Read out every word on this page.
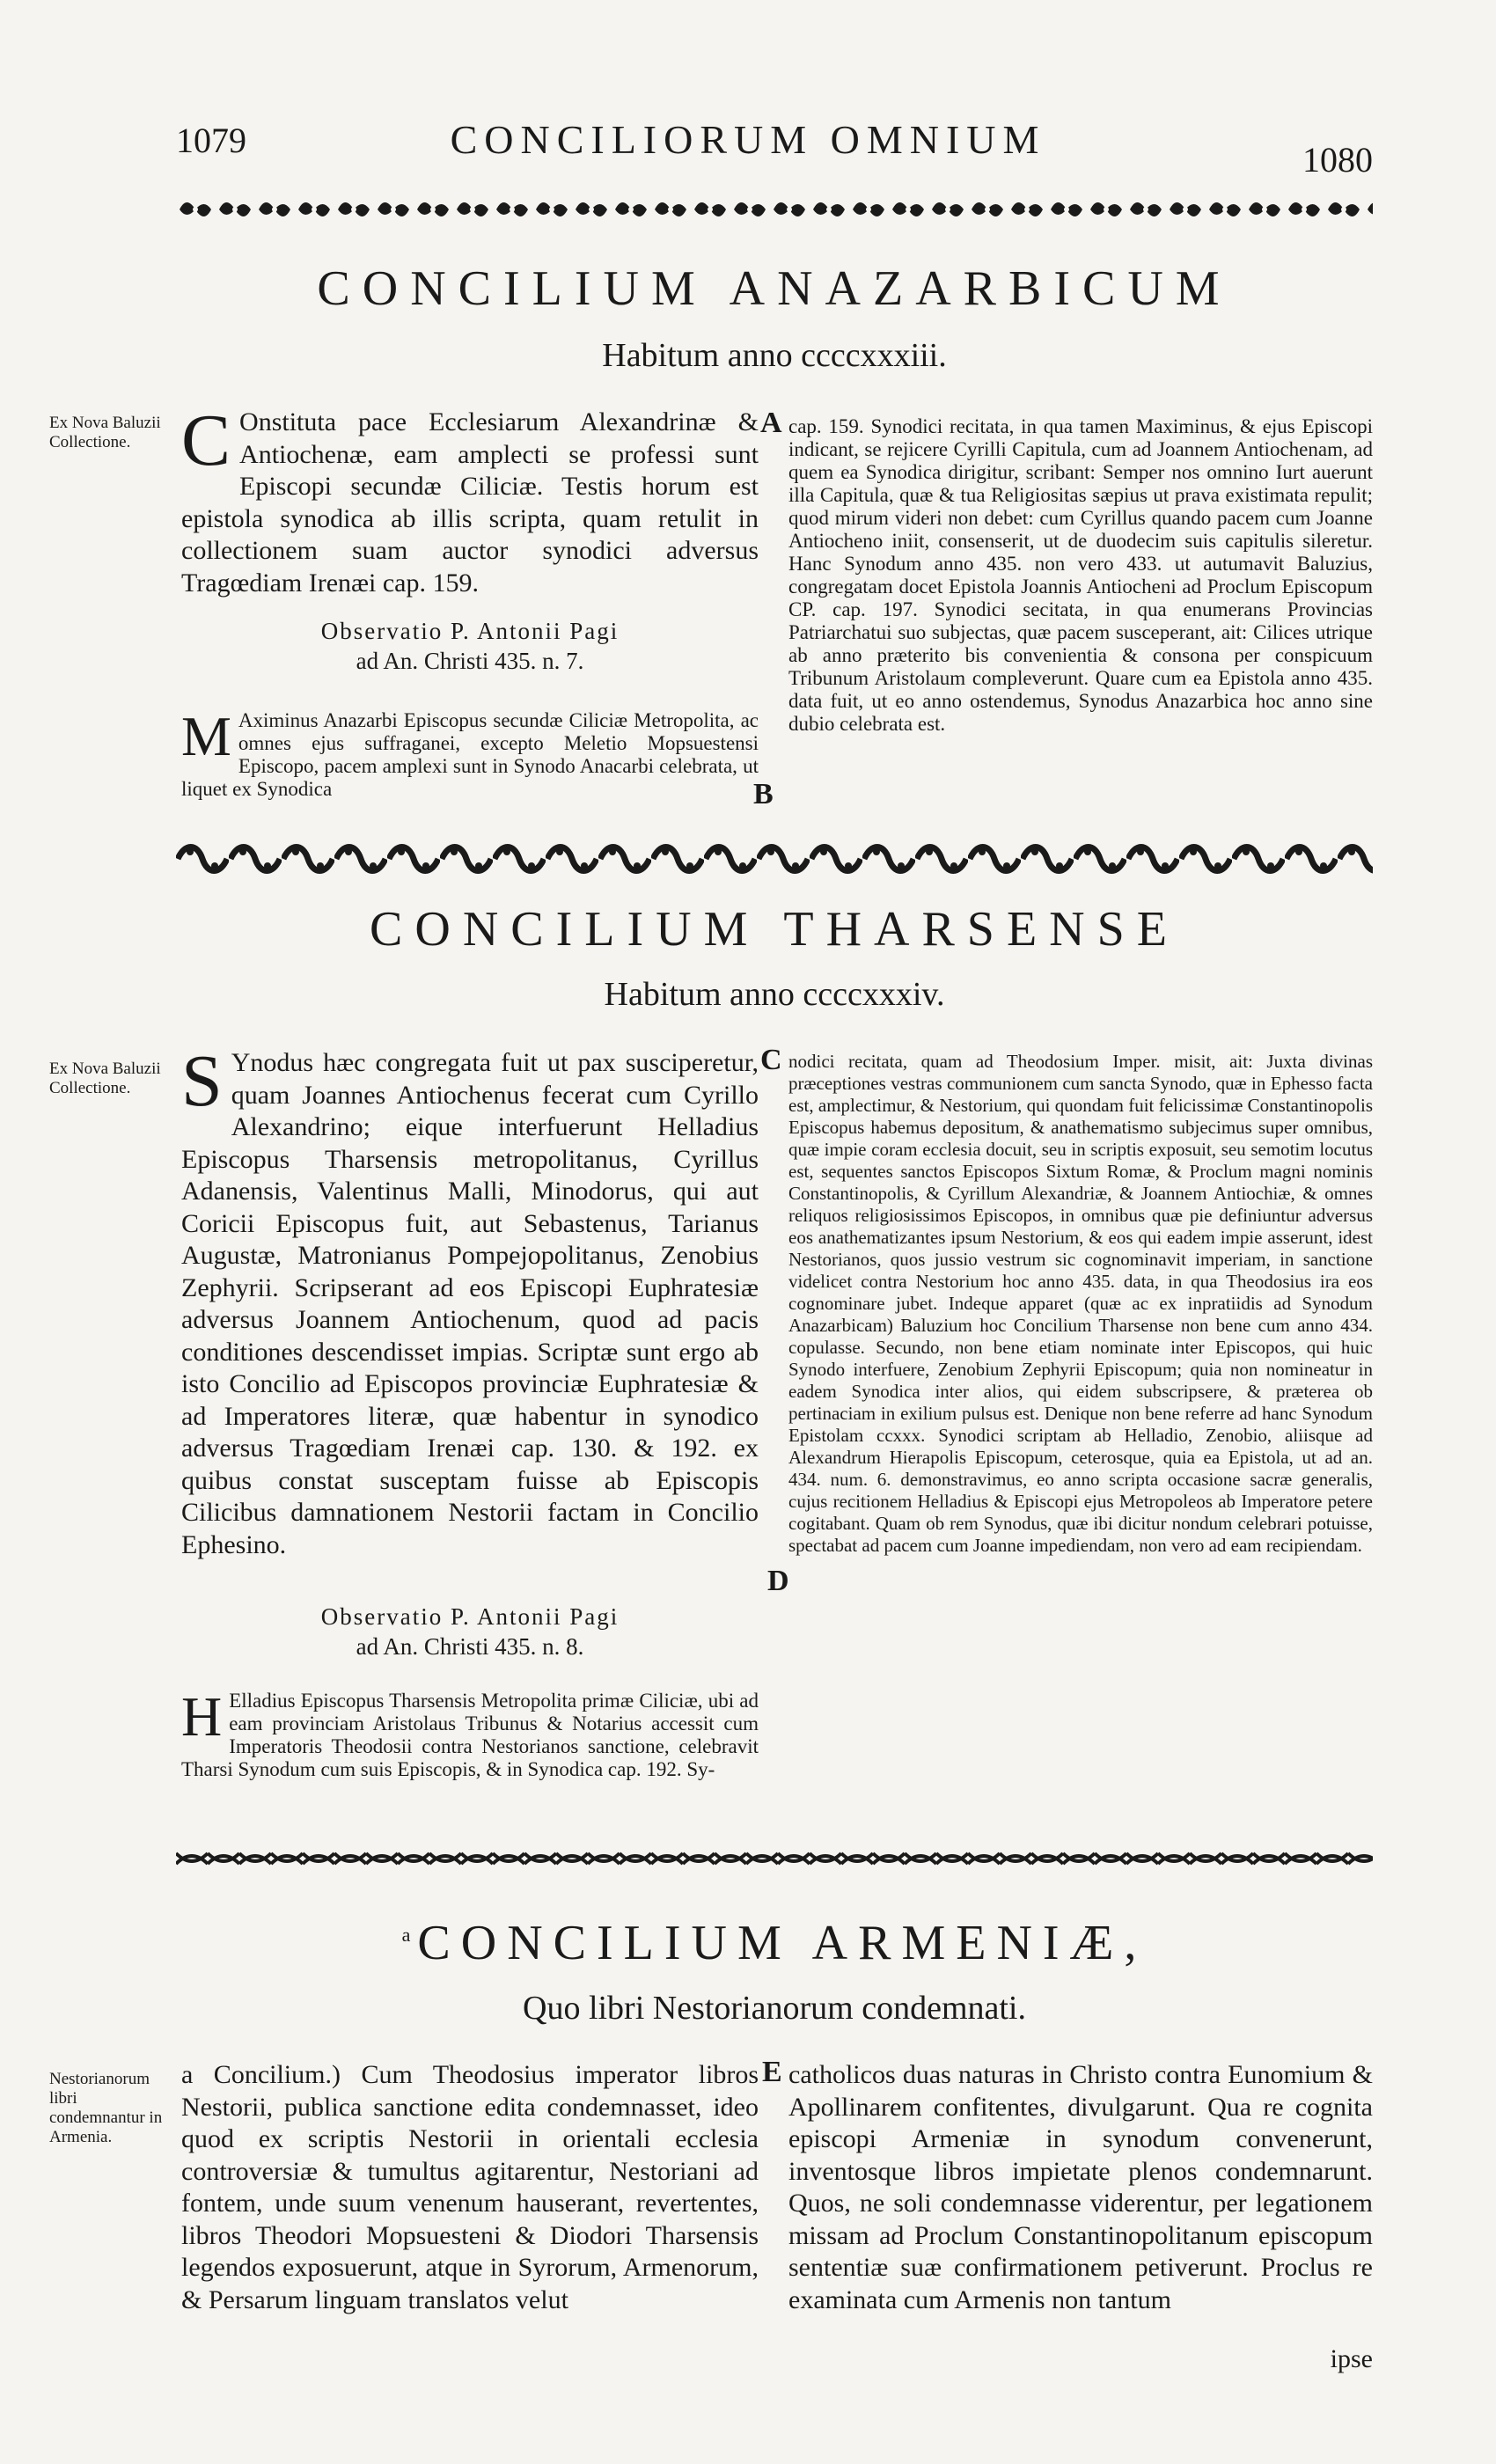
1079	CONCILIORUM OMNIUM	1080
CONCILIUM ANAZARBICUM
Habitum anno ccccxxxiii.
Ex Nova Baluzii Collectione. C Onstituta pace Ecclesiarum Alexandrinæ & Antiochenæ, eam amplecti se professi sunt Episcopi secundæ Ciliciæ. Testis horum est epistola synodica ab illis scripta, quam retulit in collectionem suam auctor synodici adversus Tragœdiam Irenæi cap. 159.
Observatio P. Antonii Pagi
ad An. Christi 435. n. 7.
M Aximinus Anazarbi Episcopus secundæ Ciliciæ Metropolita, ac omnes ejus suffraganei, excepto Meletio Mopsuestensi Episcopo, pacem amplexi sunt in Synodo Anacarbi celebrata, ut liquet ex Synodica
A
B
cap. 159. Synodici recitata, in qua tamen Maximinus, & ejus Episcopi indicant, se rejicere Cyrilli Capitula, cum ad Joannem Antiochenam, ad quem ea Synodica dirigitur, scribant: Semper nos omnino Iurt auerunt illa Capitula, quæ & tua Religiositas sæpius ut prava existimata repulit; quod mirum videri non debet: cum Cyrillus quando pacem cum Joanne Antiocheno iniit, consenserit, ut de duodecim suis capitulis sileretur. Hanc Synodum anno 435. non vero 433. ut autumavit Baluzius, congregatam docet Epistola Joannis Antiocheni ad Proclum Episcopum CP. cap. 197. Synodici secitata, in qua enumerans Provincias Patriarchatui suo subjectas, quæ pacem susceperant, ait: Cilices utrique ab anno præterito bis convenientia & consona per conspicuum Tribunum Aristolaum compleverunt. Quare cum ea Epistola anno 435. data fuit, ut eo anno ostendemus, Synodus Anazarbica hoc anno sine dubio celebrata est.
CONCILIUM THARSENSE
Habitum anno ccccxxxiv.
Ex Nova Baluzii Collectione. S Ynodus hæc congregata fuit ut pax susciperetur, quam Joannes Antiochenus fecerat cum Cyrillo Alexandrino; eique interfuerunt Helladius Episcopus Tharsensis metropolitanus, Cyrillus Adanensis, Valentinus Malli, Minodorus, qui aut Coricii Episcopus fuit, aut Sebastenus, Tarianus Augustæ, Matronianus Pompejopolitanus, Zenobius Zephyrii. Scripserant ad eos Episcopi Euphratesiæ adversus Joannem Antiochenum, quod ad pacis conditiones descendisset impias. Scriptæ sunt ergo ab isto Concilio ad Episcopos provinciæ Euphratesiæ & ad Imperatores literæ, quæ habentur in synodico adversus Tragœdiam Irenæi cap. 130. & 192. ex quibus constat susceptam fuisse ab Episcopis Cilicibus damnationem Nestorii factam in Concilio Ephesino.
Observatio P. Antonii Pagi
ad An. Christi 435. n. 8.
H Elladius Episcopus Tharsensis Metropolita primæ Ciliciæ, ubi ad eam provinciam Aristolaus Tribunus & Notarius accessit cum Imperatoris Theodosii contra Nestorianos sanctione, celebravit Tharsi Synodum cum suis Episcopis, & in Synodica cap. 192. Sy-
C
D
nodici recitata, quam ad Theodosium Imper. misit, ait: Juxta divinas præceptiones vestras communionem cum sancta Synodo, quæ in Ephesso facta est, amplectimur, & Nestorium, qui quondam fuit felicissimæ Constantinopolis Episcopus habemus depositum, & anathematismo subjecimus super omnibus, quæ impie coram ecclesia docuit, seu in scriptis exposuit, seu semotim locutus est, sequentes sanctos Episcopos Sixtum Romæ, & Proclum magni nominis Constantinopolis, & Cyrillum Alexandriæ, & Joannem Antiochiæ, & omnes reliquos religiosissimos Episcopos, in omnibus quæ pie definiuntur adversus eos anathematizantes ipsum Nestorium, & eos qui eadem impie asserunt, idest Nestorianos, quos jussio vestrum sic cognominavit imperiam, in sanctione videlicet contra Nestorium hoc anno 435. data, in qua Theodosius ira eos cognominare jubet. Indeque apparet (quæ ac ex inpratiidis ad Synodum Anazarbicam) Baluzium hoc Concilium Tharsense non bene cum anno 434. copulasse. Secundo, non bene etiam nominate inter Episcopos, qui huic Synodo interfuere, Zenobium Zephyrii Episcopum; quia non nomineatur in eadem Synodica inter alios, qui eidem subscripsere, & præterea ob pertinaciam in exilium pulsus est. Denique non bene referre ad hanc Synodum Epistolam ccxxx. Synodici scriptam ab Helladio, Zenobio, aliisque ad Alexandrum Hierapolis Episcopum, ceterosque, quia ea Epistola, ut ad an. 434. num. 6. demonstravimus, eo anno scripta occasione sacræ generalis, cujus recitionem Helladius & Episcopi ejus Metropoleos ab Imperatore petere cogitabant. Quam ob rem Synodus, quæ ibi dicitur nondum celebrari potuisse, spectabat ad pacem cum Joanne impediendam, non vero ad eam recipiendam.
$^a$ CONCILIUM ARMENIÆ,
Quo libri Nestorianorum condemnati.
Nestorianorum libri condemnantur in Armenia.
a Concilium.) Cum Theodosius imperator libros Nestorii, publica sanctione edita condemnasset, ideo quod ex scriptis Nestorii in orientali ecclesia controversiæ & tumultus agitarentur, Nestoriani ad fontem, unde suum venenum hauserant, revertentes, libros Theodori Mopsuesteni & Diodori Tharsensis legendos exposuerunt, atque in Syrorum, Armenorum, & Persarum linguam translatos velut
E catholicos duas naturas in Christo contra Eunomium & Apollinarem confitentes, divulgarunt. Qua re cognita episcopi Armeniæ in synodum convenerunt, inventosque libros impietate plenos condemnarunt. Quos, ne soli condemnasse viderentur, per legationem missam ad Proclum Constantinopolitanum episcopum sententiæ suæ confirmationem petiverunt. Proclus re examinata cum Armenis non tantum
ipse
